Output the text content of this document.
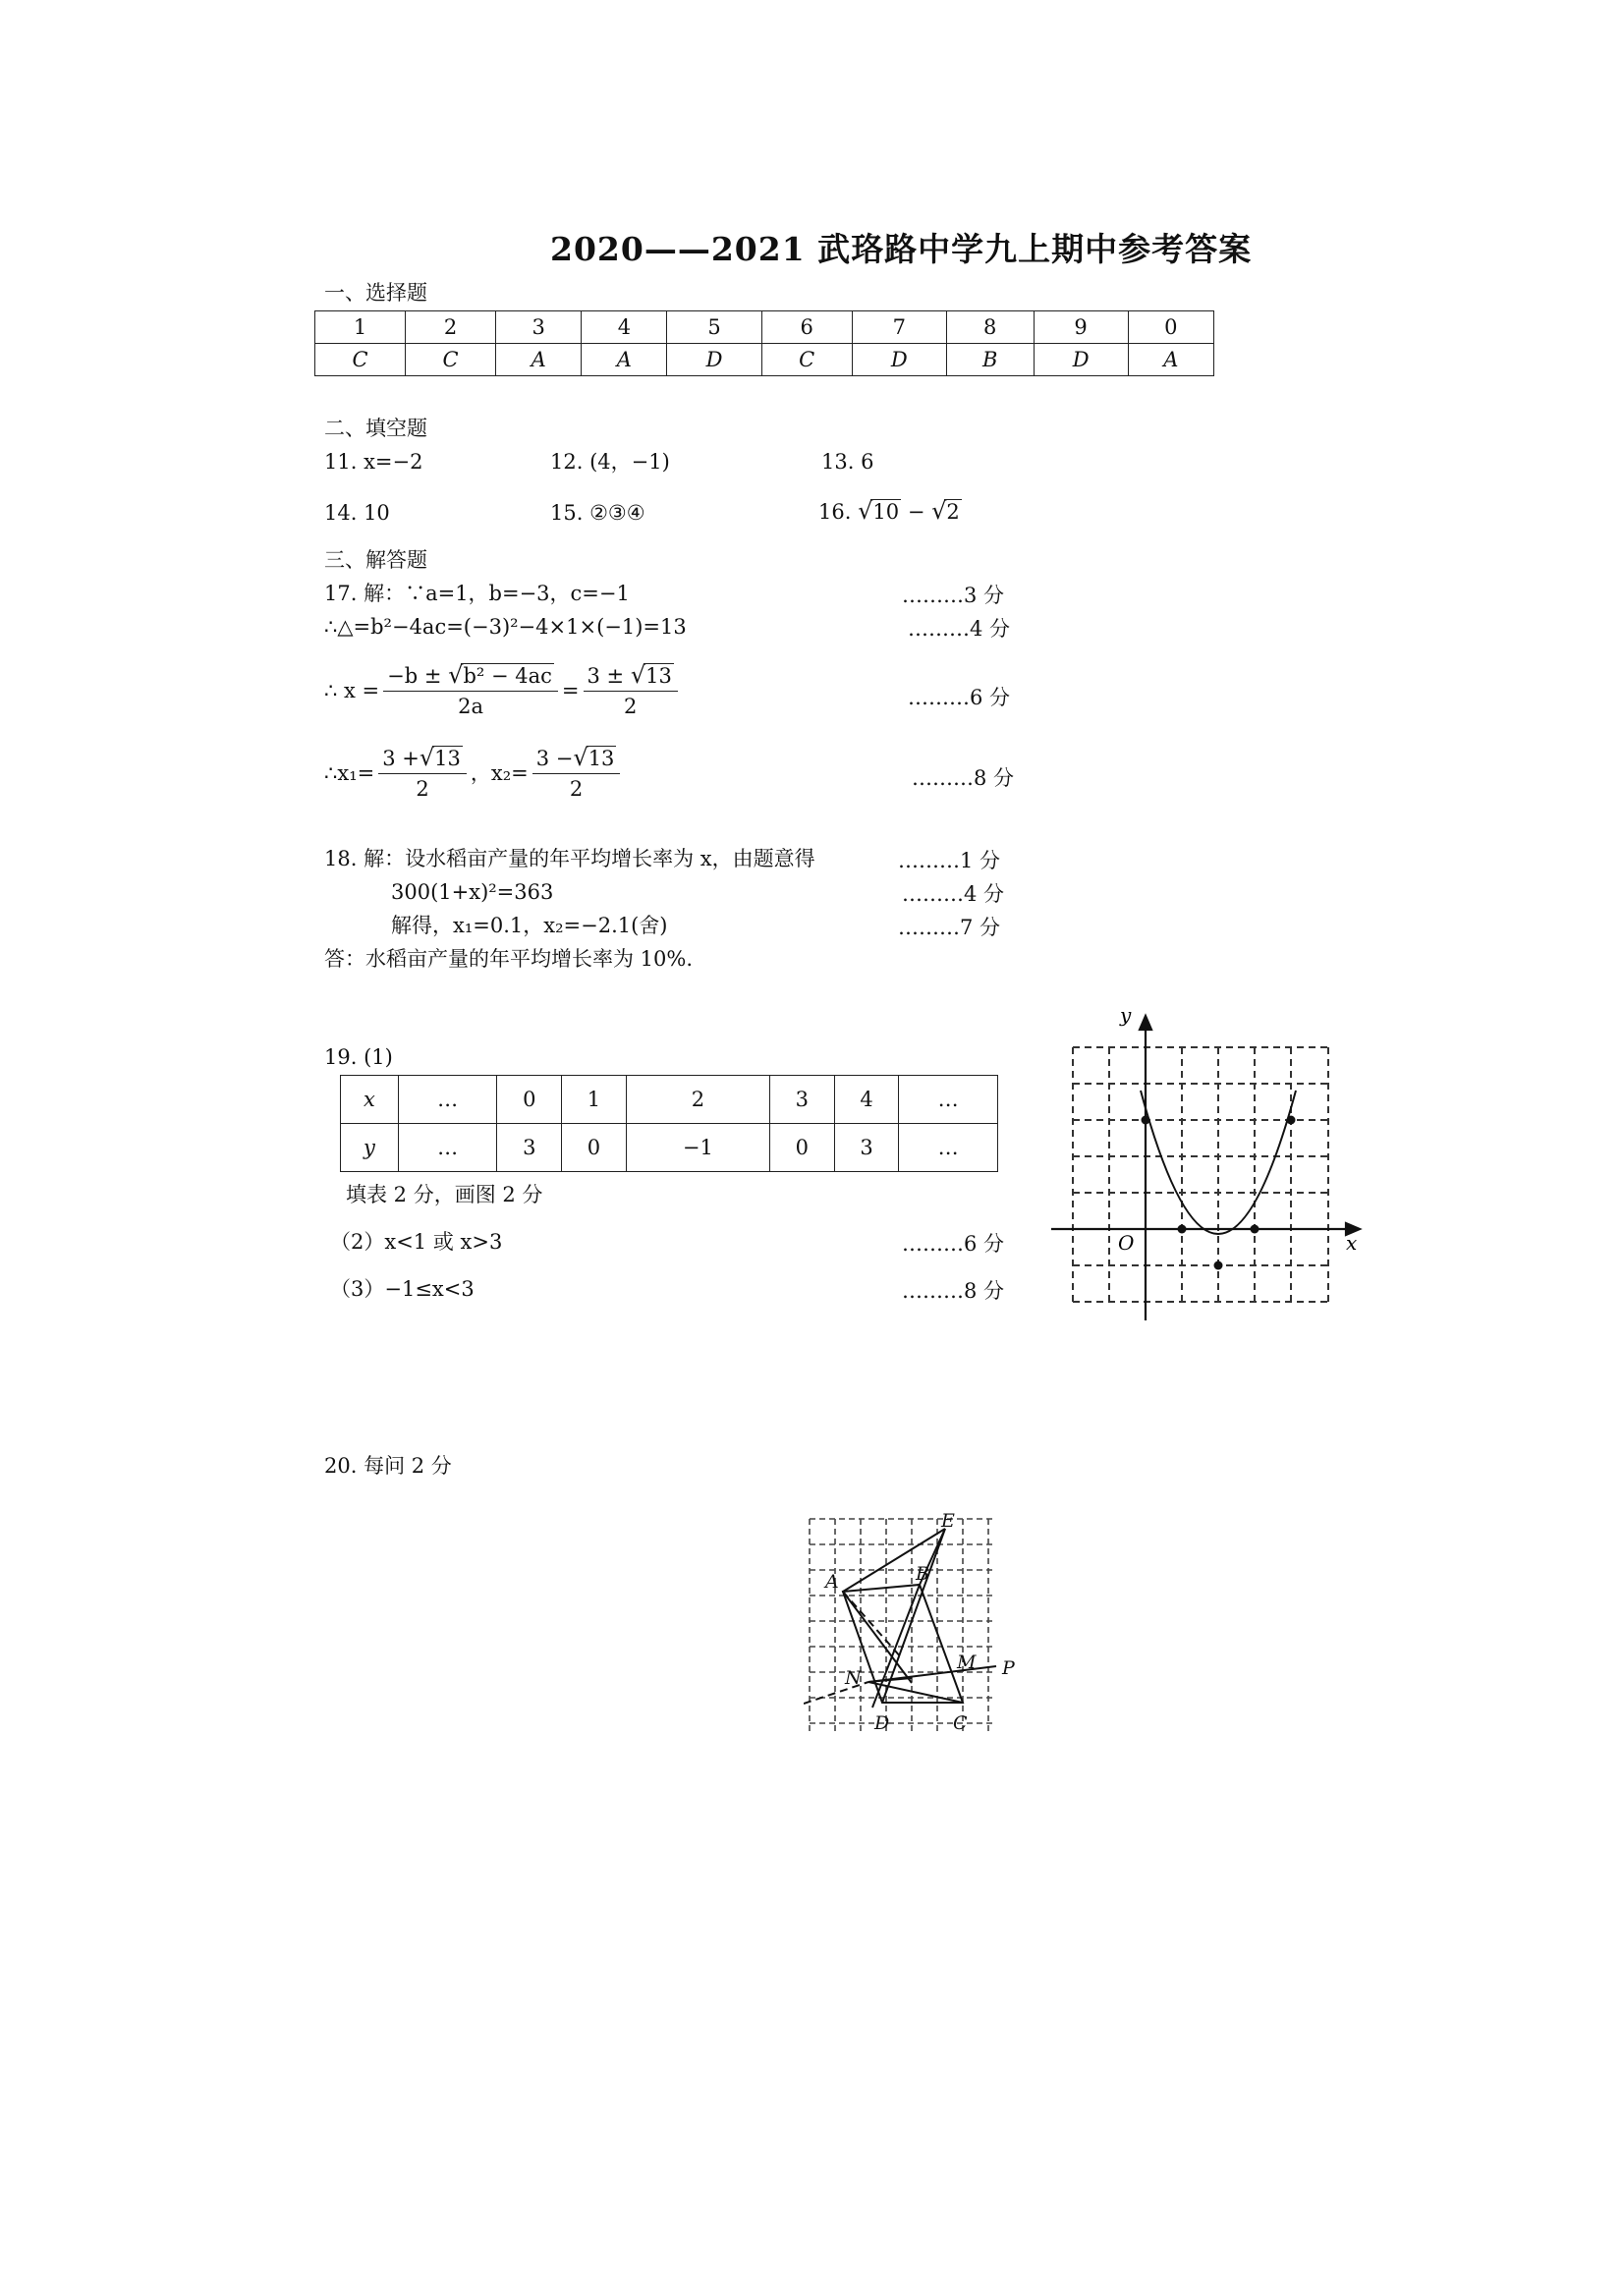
2020——2021 武珞路中学九上期中参考答案
一、选择题
1	2	3	4	5	6	7	8	9	0
C	C	A	A	D	C	D	B	D	A
二、填空题
11. x=−2	12. (4，−1)	13. 6
14. 10	15. ②③④	16. √10 − √2
三、解答题
17. 解：∵a=1，b=−3，c=−1	………3 分
∴△=b²−4ac=(−3)²−4×1×(−1)=13	………4 分
∴ $x = \frac{\text{−b ± √b² − 4ac}}{2a} = \frac{3 \pm √13}{2}$	………6 分
∴x₁= $\frac{3 +√13}{2}$ ，$x_2= \frac{3 -√13}{2}$	………8 分
18. 解：设水稻亩产量的年平均增长率为 x，由题意得	………1 分
300(1+x)²=363	………4 分
解得，x₁=0.1，x₂=−2.1(舍)	………7 分
答：水稻亩产量的年平均增长率为 10%.
19. (1)
x	…	0	1	2	3	4	…
y	…	3	0	−1	0	3	…
填表 2 分，画图 2 分
（2）x<1 或 x>3	………6 分
（3）−1≤x<3	………8 分
y
x
O
20. 每问 2 分
A	B
C
D
E
M
N	P
